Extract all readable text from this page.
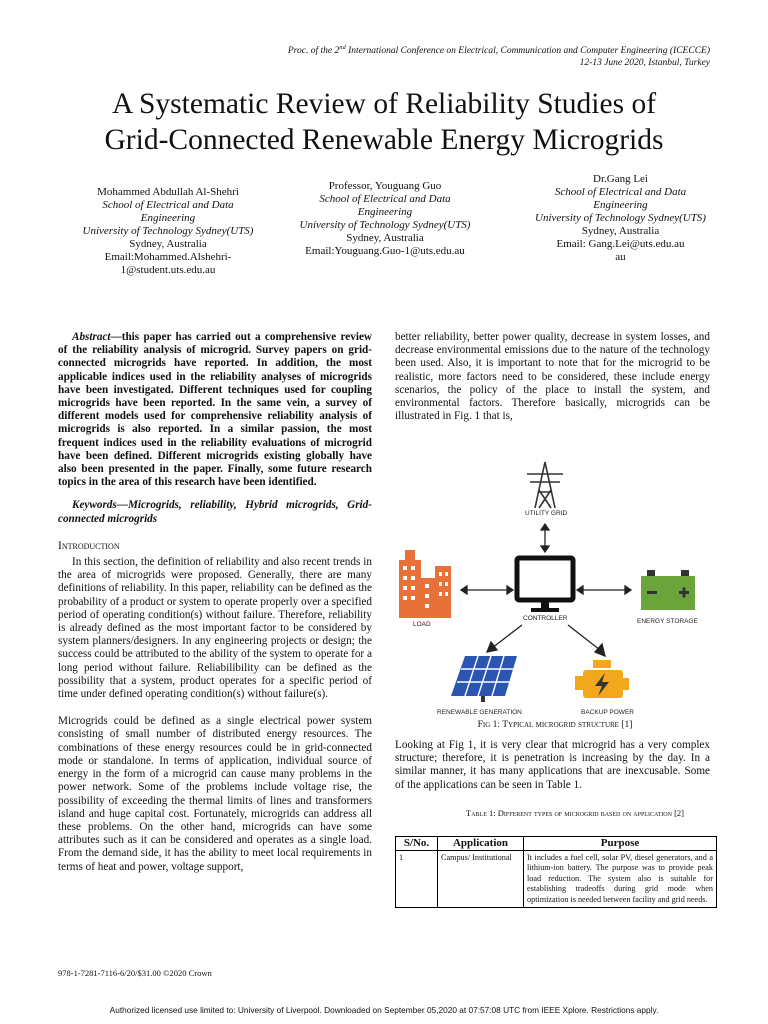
Proc. of the 2nd International Conference on Electrical, Communication and Computer Engineering (ICECCE)
12-13 June 2020, Istanbul, Turkey
A Systematic Review of Reliability Studies of
Grid-Connected Renewable Energy Microgrids
Mohammed Abdullah Al-Shehri
School of Electrical and Data
Engineering
University of Technology Sydney(UTS)
Sydney, Australia
Email:Mohammed.Alshehri-
1@student.uts.edu.au
Professor, Youguang Guo
School of Electrical and Data
Engineering
University of Technology Sydney(UTS)
Sydney, Australia
Email:Youguang.Guo-1@uts.edu.au
Dr.Gang Lei
School of Electrical and Data
Engineering
University of Technology Sydney(UTS)
Sydney, Australia
Email: Gang.Lei@uts.edu.au
au

Abstract—this paper has carried out a comprehensive review of the reliability analysis of microgrid. Survey papers on grid-connected microgrids have reported. In addition, the most applicable indices used in the reliability analyses of microgrids have been investigated. Different techniques used for coupling microgrids have been reported. In the same vein, a survey of different models used for comprehensive reliability analysis of microgrids is also reported. In a similar passion, the most frequent indices used in the reliability evaluations of microgrid have been defined. Different microgrids existing globally have also been presented in the paper. Finally, some future research topics in the area of this research have been identified.

Keywords—Microgrids, reliability, Hybrid microgrids, Grid-connected microgrids

Introduction

In this section, the definition of reliability and also recent trends in the area of microgrids were proposed. Generally, there are many definitions of reliability. In this paper, reliability can be defined as the probability of a product or system to operate properly over a specified period of operating condition(s) without failure. Therefore, reliability is already defined as the most important factor to be considered by system planners/designers. In any engineering projects or design; the success could be attributed to the ability of the system to operate for a long period without failure. Reliabilibility can be defined as the possibility that a system, product operates for a specific period of time under defined operating condition(s) without failure(s).

Microgrids could be defined as a single electrical power system consisting of small number of distributed energy resources. The combinations of these energy resources could be in grid-connected mode or standalone. In terms of application, individual source of energy in the form of a microgrid can cause many problems in the power network. Some of the problems include voltage rise, the possibility of exceeding the thermal limits of lines and transformers island and huge capital cost. Fortunately, microgrids can address all these problems. On the other hand, microgrids can have some attributes such as it can be considered and operates as a single load. From the demand side, it has the ability to meet local requirements in terms of heat and power, voltage support,

better reliability, better power quality, decrease in system losses, and decrease environmental emissions due to the nature of the technology been used. Also, it is important to note that for the microgrid to be realistic, more factors need to be considered, these include energy scenarios, the policy of the place to install the system, and environmental factors. Therefore basically, microgrids can be illustrated in Fig. 1 that is,

UTILITY GRID
LOAD
CONTROLLER	ENERGY STORAGE
RENEWABLE GENERATION	BACKUP POWER
Fig 1: Typical microgrid structure [1]

Looking at Fig 1, it is very clear that microgrid has a very complex structure; therefore, it is penetration is increasing by the day. In a similar manner, it has many applications that are inexcusable. Some of the applications can be seen in Table 1.

Table 1: Different types of microgrid based on application [2]
S/No.	Application	Purpose
1	Campus/ Institutional	It includes a fuel cell, solar PV, diesel generators, and a lithium-ion battery. The purpose was to provide peak load reduction. The system also is suitable for establishing tradeoffs during grid mode when optimization is needed between facility and grid needs.
978-1-7281-7116-6/20/$31.00 ©2020 Crown
Authorized licensed use limited to: University of Liverpool. Downloaded on September 05,2020 at 07:57:08 UTC from IEEE Xplore. Restrictions apply.
